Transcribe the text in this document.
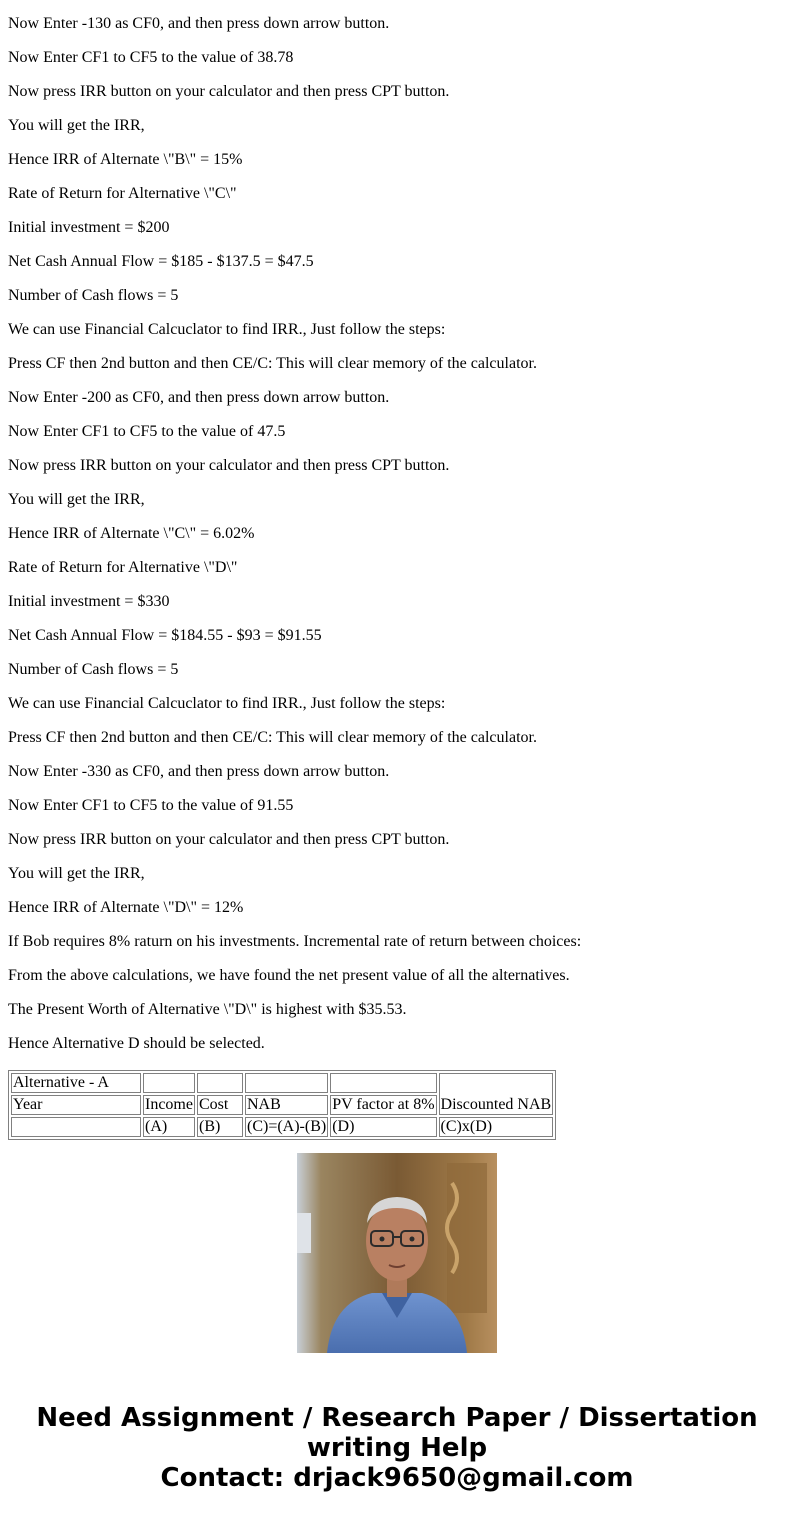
Now Enter -130 as CF0, and then press down arrow button.

Now Enter CF1 to CF5 to the value of 38.78

Now press IRR button on your calculator and then press CPT button.

You will get the IRR,

Hence IRR of Alternate \"B\" = 15%

Rate of Return for Alternative \"C\"

Initial investment = $200

Net Cash Annual Flow = $185 - $137.5 = $47.5

Number of Cash flows = 5

We can use Financial Calcuclator to find IRR., Just follow the steps:

Press CF then 2nd button and then CE/C: This will clear memory of the calculator.

Now Enter -200 as CF0, and then press down arrow button.

Now Enter CF1 to CF5 to the value of 47.5

Now press IRR button on your calculator and then press CPT button.

You will get the IRR,

Hence IRR of Alternate \"C\" = 6.02%

Rate of Return for Alternative \"D\"

Initial investment = $330

Net Cash Annual Flow = $184.55 - $93 = $91.55

Number of Cash flows = 5

We can use Financial Calcuclator to find IRR., Just follow the steps:

Press CF then 2nd button and then CE/C: This will clear memory of the calculator.

Now Enter -330 as CF0, and then press down arrow button.

Now Enter CF1 to CF5 to the value of 91.55

Now press IRR button on your calculator and then press CPT button.

You will get the IRR,

Hence IRR of Alternate \"D\" = 12%

If Bob requires 8% raturn on his investments. Incremental rate of return between choices:

From the above calculations, we have found the net present value of all the alternatives.

The Present Worth of Alternative \"D\" is highest with $35.53.

Hence Alternative D should be selected.

Alternative - A					Discounted NAB
Year	Income	Cost	NAB	PV factor at 8%	
	(A)	(B)	(C)=(A)-(B)	(D)	(C)x(D)
Need Assignment / Research Paper / Dissertation
writing Help
Contact: drjack9650@gmail.com
